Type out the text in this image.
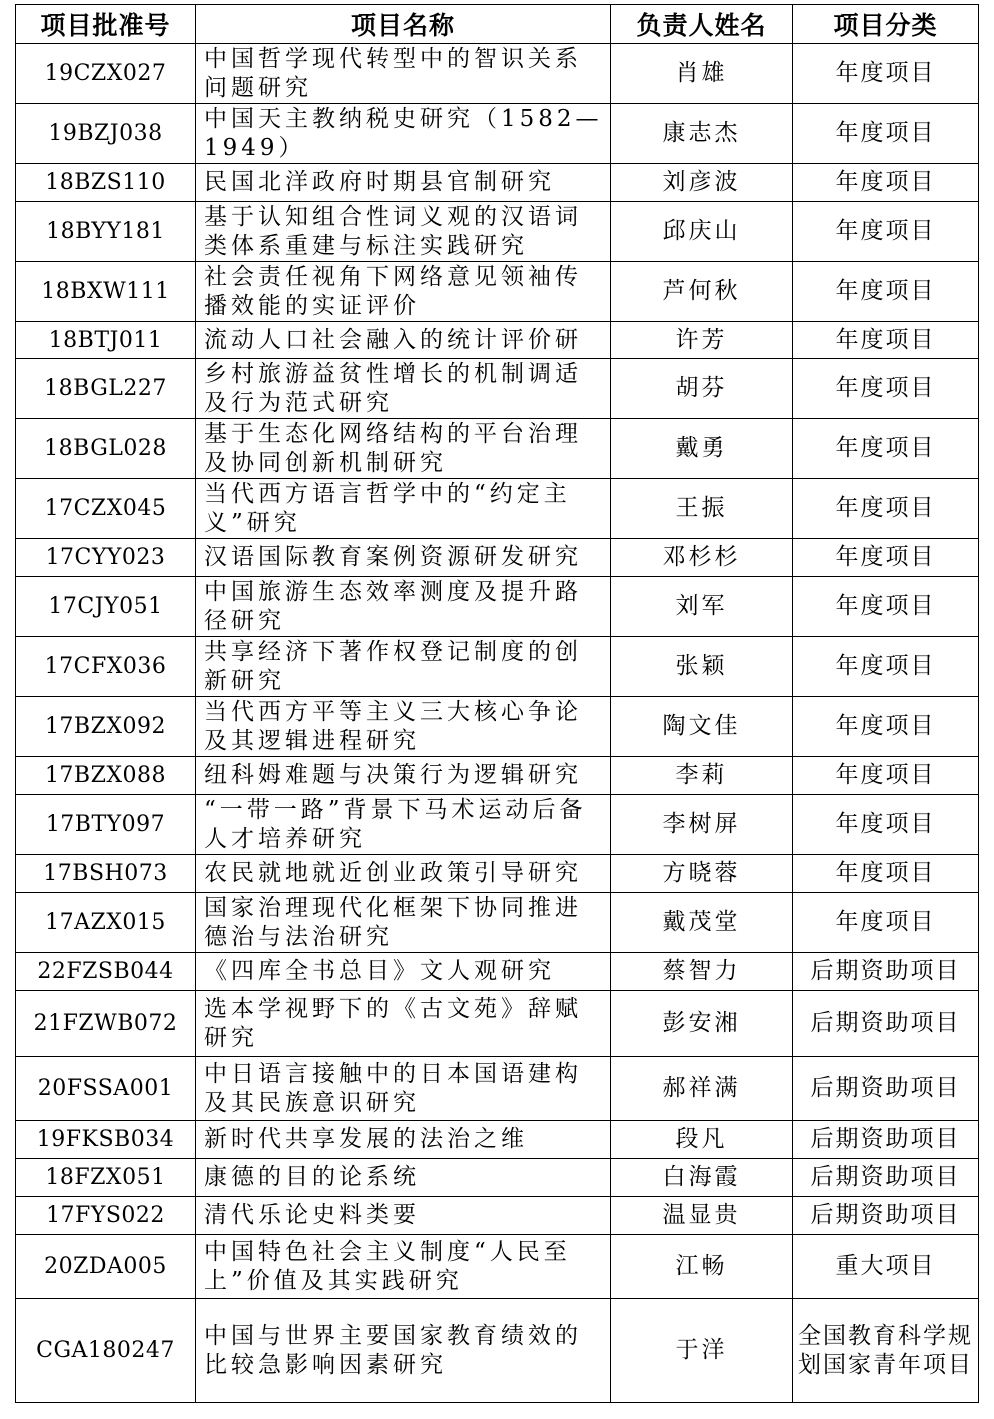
项目批准号	项目名称	负责人姓名	项目分类
19CZX027	中国哲学现代转型中的智识关系问题研究	肖雄	年度项目
19BZJ038	中国天主教纳税史研究（1582—1949）	康志杰	年度项目
18BZS110	民国北洋政府时期县官制研究	刘彦波	年度项目
18BYY181	基于认知组合性词义观的汉语词类体系重建与标注实践研究	邱庆山	年度项目
18BXW111	社会责任视角下网络意见领袖传播效能的实证评价	芦何秋	年度项目
18BTJ011	流动人口社会融入的统计评价研	许芳	年度项目
18BGL227	乡村旅游益贫性增长的机制调适及行为范式研究	胡芬	年度项目
18BGL028	基于生态化网络结构的平台治理及协同创新机制研究	戴勇	年度项目
17CZX045	当代西方语言哲学中的“约定主义”研究	王振	年度项目
17CYY023	汉语国际教育案例资源研发研究	邓杉杉	年度项目
17CJY051	中国旅游生态效率测度及提升路径研究	刘军	年度项目
17CFX036	共享经济下著作权登记制度的创新研究	张颖	年度项目
17BZX092	当代西方平等主义三大核心争论及其逻辑进程研究	陶文佳	年度项目
17BZX088	纽科姆难题与决策行为逻辑研究	李莉	年度项目
17BTY097	“一带一路”背景下马术运动后备人才培养研究	李树屏	年度项目
17BSH073	农民就地就近创业政策引导研究	方晓蓉	年度项目
17AZX015	国家治理现代化框架下协同推进德治与法治研究	戴茂堂	年度项目
22FZSB044	《四库全书总目》文人观研究	蔡智力	后期资助项目
21FZWB072	选本学视野下的《古文苑》辞赋研究	彭安湘	后期资助项目
20FSSA001	中日语言接触中的日本国语建构及其民族意识研究	郝祥满	后期资助项目
19FKSB034	新时代共享发展的法治之维	段凡	后期资助项目
18FZX051	康德的目的论系统	白海霞	后期资助项目
17FYS022	清代乐论史料类要	温显贵	后期资助项目
20ZDA005	中国特色社会主义制度“人民至上”价值及其实践研究	江畅	重大项目
CGA180247	中国与世界主要国家教育绩效的比较急影响因素研究	于洋	全国教育科学规划国家青年项目
